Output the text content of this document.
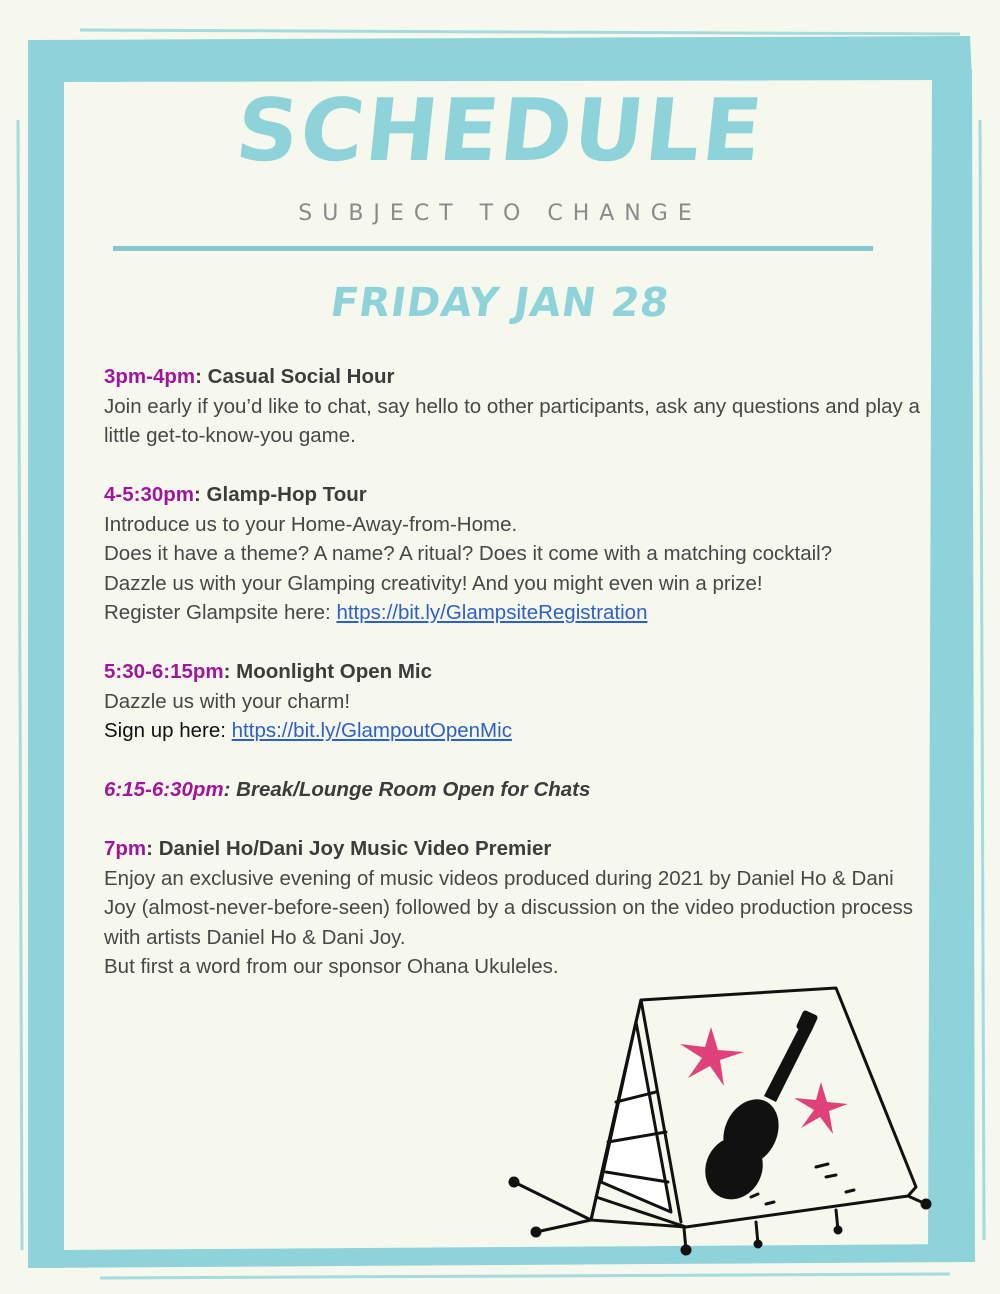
SCHEDULE
SUBJECT TO CHANGE
FRIDAY JAN 28
3pm-4pm: Casual Social Hour
Join early if you’d like to chat, say hello to other participants, ask any questions and play a little get-to-know-you game.
4-5:30pm: Glamp-Hop Tour
Introduce us to your Home-Away-from-Home.
Does it have a theme? A name? A ritual? Does it come with a matching cocktail?
Dazzle us with your Glamping creativity! And you might even win a prize!
Register Glampsite here: https://bit.ly/GlampsiteRegistration
5:30-6:15pm: Moonlight Open Mic
Dazzle us with your charm!
Sign up here: https://bit.ly/GlampoutOpenMic
6:15-6:30pm: Break/Lounge Room Open for Chats
7pm: Daniel Ho/Dani Joy Music Video Premier
Enjoy an exclusive evening of music videos produced during 2021 by Daniel Ho & Dani Joy (almost-never-before-seen) followed by a discussion on the video production process with artists Daniel Ho & Dani Joy.
But first a word from our sponsor Ohana Ukuleles.
